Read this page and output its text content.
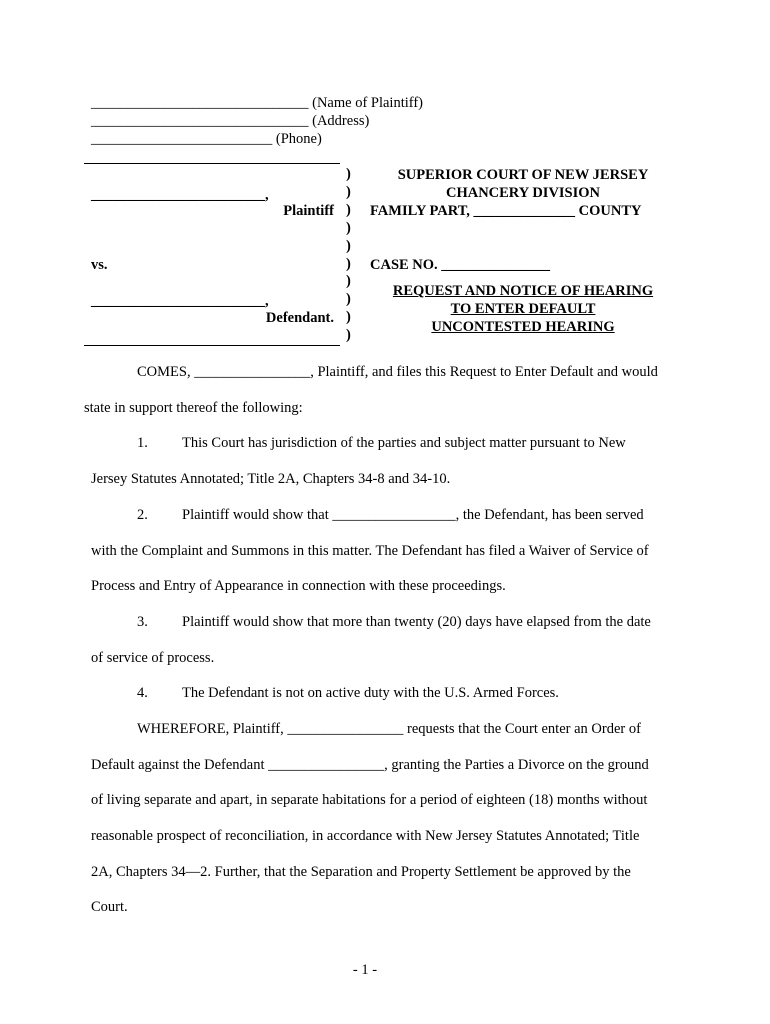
______________________________ (Name of Plaintiff)
______________________________ (Address)
_________________________ (Phone)
________________________,
Plaintiff
vs.
________________________,
Defendant.
)
)
)
)
)
)
)
)
)
)
SUPERIOR COURT OF NEW JERSEY
CHANCERY DIVISION
FAMILY PART, ______________ COUNTY
CASE NO. _______________
REQUEST AND NOTICE OF HEARING
TO ENTER DEFAULT
UNCONTESTED HEARING
COMES, ________________, Plaintiff, and files this Request to Enter Default and would
state in support thereof the following:
1. This Court has jurisdiction of the parties and subject matter pursuant to New
Jersey Statutes Annotated; Title 2A, Chapters 34-8 and 34-10.
2. Plaintiff would show that _________________, the Defendant, has been served
with the Complaint and Summons in this matter. The Defendant has filed a Waiver of Service of
Process and Entry of Appearance in connection with these proceedings.
3. Plaintiff would show that more than twenty (20) days have elapsed from the date
of service of process.
4. The Defendant is not on active duty with the U.S. Armed Forces.
WHEREFORE, Plaintiff, ________________ requests that the Court enter an Order of
Default against the Defendant ________________, granting the Parties a Divorce on the ground
of living separate and apart, in separate habitations for a period of eighteen (18) months without
reasonable prospect of reconciliation, in accordance with New Jersey Statutes Annotated; Title
2A, Chapters 34—2. Further, that the Separation and Property Settlement be approved by the
Court.
- 1 -
